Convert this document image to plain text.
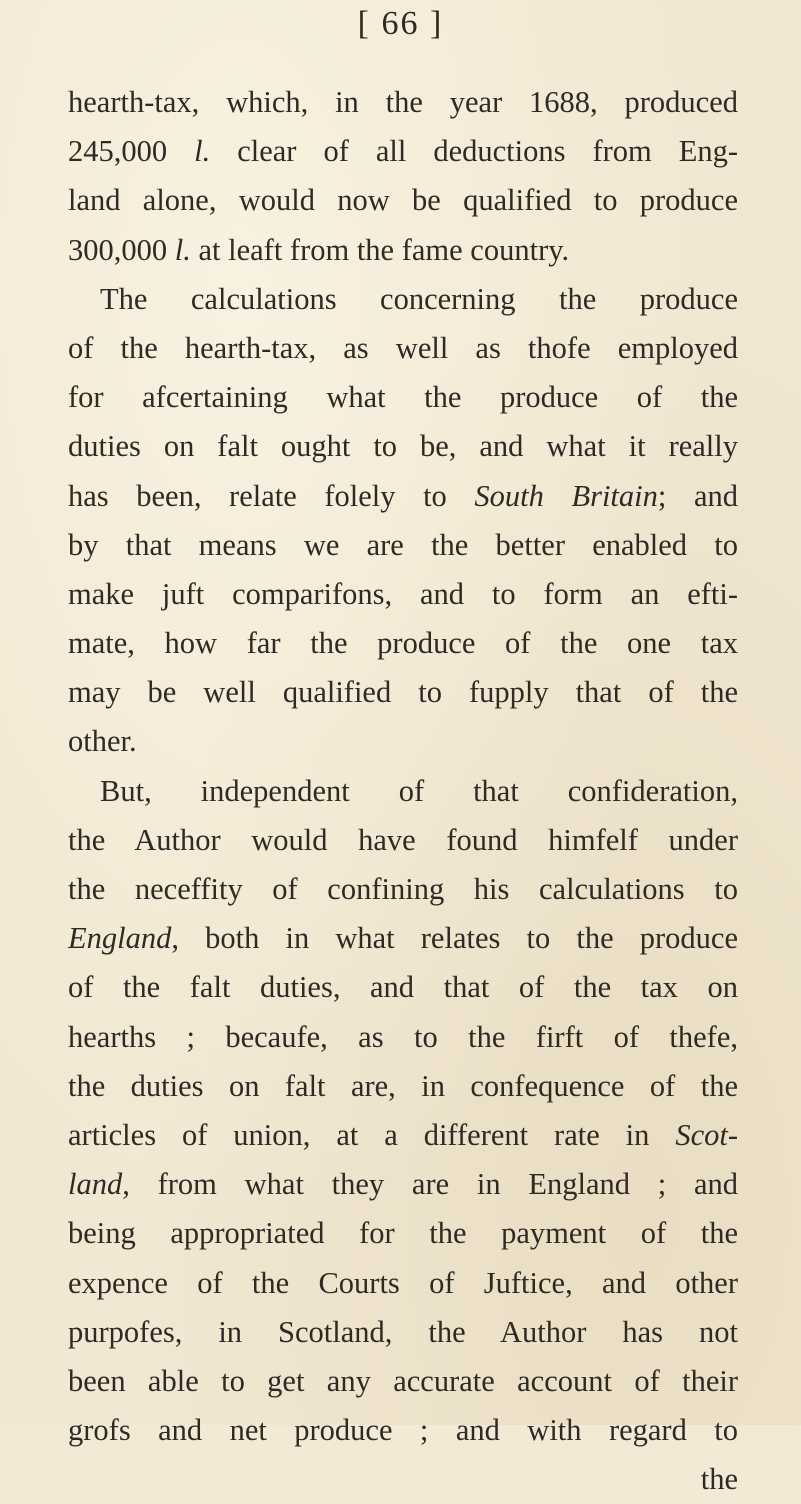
[ 66 ]
hearth-tax, which, in the year 1688, produced
245,000 l. clear of all deductions from Eng-
land alone, would now be qualified to produce
300,000 l. at leaft from the fame country.
The calculations concerning the produce
of the hearth-tax, as well as thofe employed
for afcertaining what the produce of the
duties on falt ought to be, and what it really
has been, relate folely to South Britain; and
by that means we are the better enabled to
make juft comparifons, and to form an efti-
mate, how far the produce of the one tax
may be well qualified to fupply that of the
other.
But, independent of that confideration,
the Author would have found himfelf under
the neceffity of confining his calculations to
England, both in what relates to the produce
of the falt duties, and that of the tax on
hearths ; becaufe, as to the firft of thefe,
the duties on falt are, in confequence of the
articles of union, at a different rate in Scot-
land, from what they are in England ; and
being appropriated for the payment of the
expence of the Courts of Juftice, and other
purpofes, in Scotland, the Author has not
been able to get any accurate account of their
grofs and net produce ; and with regard to
the
